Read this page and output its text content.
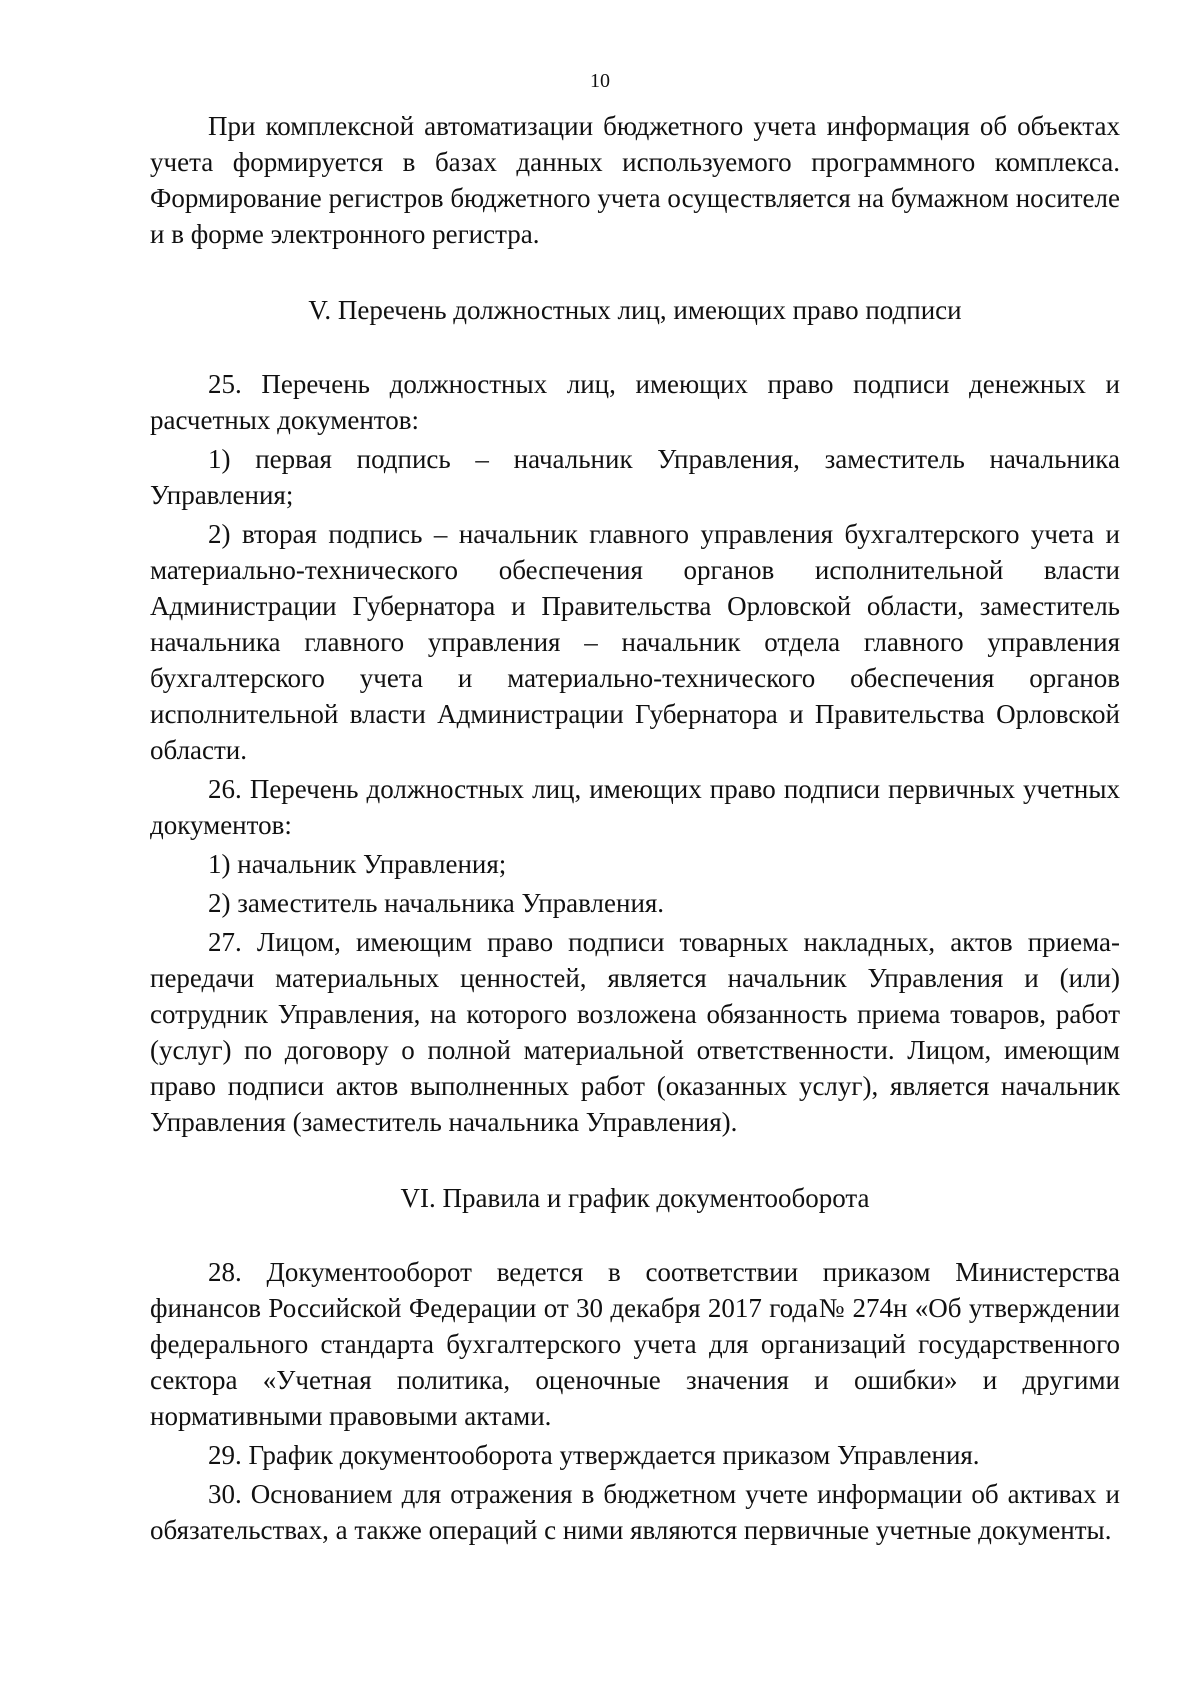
10

При комплексной автоматизации бюджетного учета информация об объектах учета формируется в базах данных используемого программного комплекса. Формирование регистров бюджетного учета осуществляется на бумажном носителе и в форме электронного регистра.

V. Перечень должностных лиц, имеющих право подписи

25. Перечень должностных лиц, имеющих право подписи денежных и расчетных документов:

1) первая подпись – начальник Управления, заместитель начальника Управления;

2) вторая подпись – начальник главного управления бухгалтерского учета и материально-технического обеспечения органов исполнительной власти Администрации Губернатора и Правительства Орловской области, заместитель начальника главного управления – начальник отдела главного управления бухгалтерского учета и материально-технического обеспечения органов исполнительной власти Администрации Губернатора и Правительства Орловской области.

26. Перечень должностных лиц, имеющих право подписи первичных учетных документов:

1) начальник Управления;

2) заместитель начальника Управления.

27. Лицом, имеющим право подписи товарных накладных, актов приема-передачи материальных ценностей, является начальник Управления и (или) сотрудник Управления, на которого возложена обязанность приема товаров, работ (услуг) по договору о полной материальной ответственности. Лицом, имеющим право подписи актов выполненных работ (оказанных услуг), является начальник Управления (заместитель начальника Управления).

VI. Правила и график документооборота

28. Документооборот ведется в соответствии приказом Министерства финансов Российской Федерации от 30 декабря 2017 года№ 274н «Об утверждении федерального стандарта бухгалтерского учета для организаций государственного сектора «Учетная политика, оценочные значения и ошибки» и другими нормативными правовыми актами.

29. График документооборота утверждается приказом Управления.

30. Основанием для отражения в бюджетном учете информации об активах и обязательствах, а также операций с ними являются первичные учетные документы.
